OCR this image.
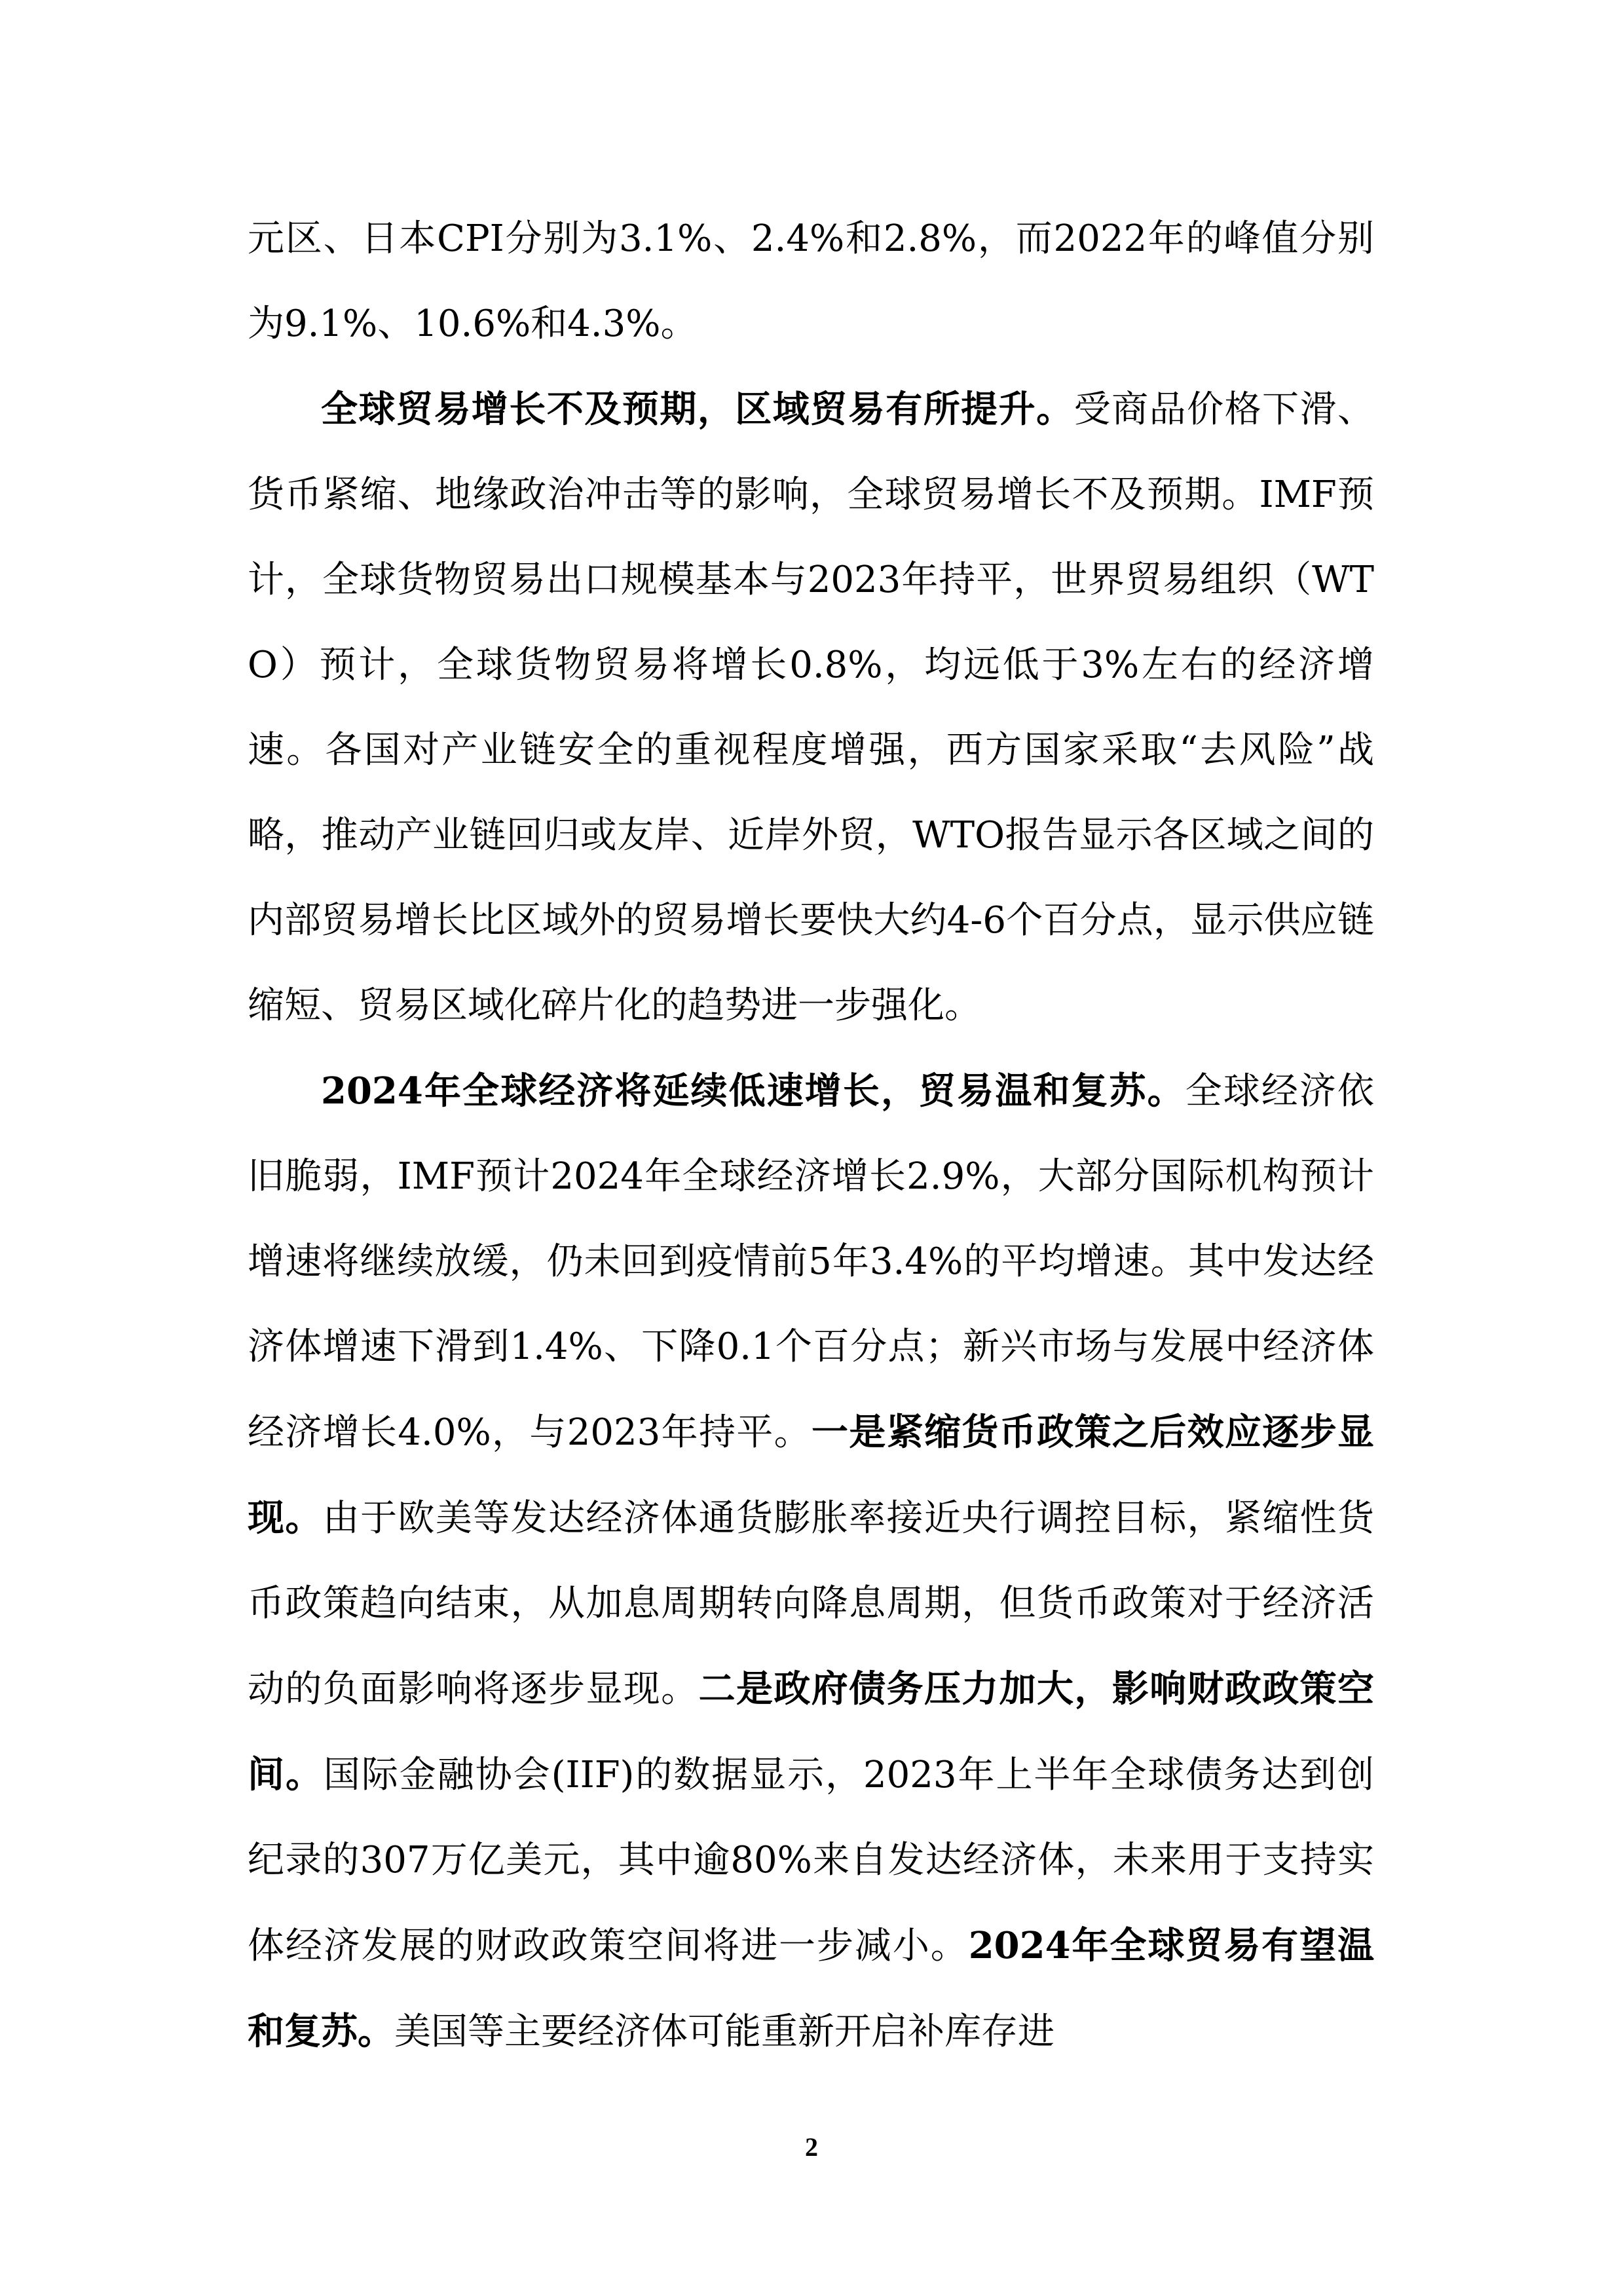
元区、日本CPI分别为3.1%、2.4%和2.8%，而2022年的峰值分别为9.1%、10.6%和4.3%。

全球贸易增长不及预期，区域贸易有所提升。受商品价格下滑、货币紧缩、地缘政治冲击等的影响，全球贸易增长不及预期。IMF预计，全球货物贸易出口规模基本与2023年持平，世界贸易组织（WTO）预计，全球货物贸易将增长0.8%，均远低于3%左右的经济增速。各国对产业链安全的重视程度增强，西方国家采取“去风险”战略，推动产业链回归或友岸、近岸外贸，WTO报告显示各区域之间的内部贸易增长比区域外的贸易增长要快大约4-6个百分点，显示供应链缩短、贸易区域化碎片化的趋势进一步强化。

2024年全球经济将延续低速增长，贸易温和复苏。全球经济依旧脆弱，IMF预计2024年全球经济增长2.9%，大部分国际机构预计增速将继续放缓，仍未回到疫情前5年3.4%的平均增速。其中发达经济体增速下滑到1.4%、下降0.1个百分点；新兴市场与发展中经济体经济增长4.0%，与2023年持平。一是紧缩货币政策之后效应逐步显现。由于欧美等发达经济体通货膨胀率接近央行调控目标，紧缩性货币政策趋向结束，从加息周期转向降息周期，但货币政策对于经济活动的负面影响将逐步显现。二是政府债务压力加大，影响财政政策空间。国际金融协会(IIF)的数据显示，2023年上半年全球债务达到创纪录的307万亿美元，其中逾80%来自发达经济体，未来用于支持实体经济发展的财政政策空间将进一步减小。2024年全球贸易有望温和复苏。美国等主要经济体可能重新开启补库存进

2
